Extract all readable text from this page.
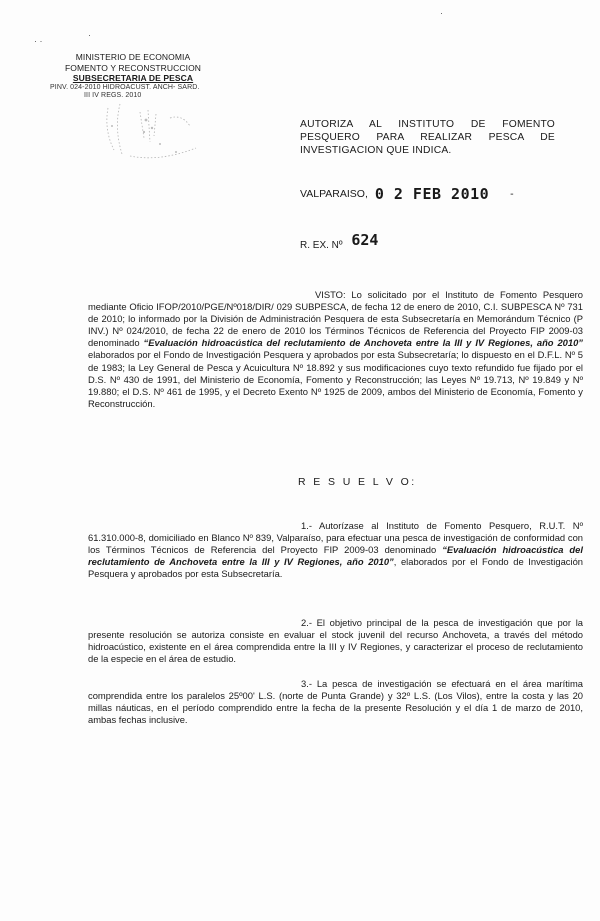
· ·
·
·
MINISTERIO DE ECONOMIA
FOMENTO Y RECONSTRUCCION
SUBSECRETARIA DE PESCA
PINV. 024-2010 HIDROACUST. ANCH- SARD.
III IV REGS. 2010
AUTORIZA AL INSTITUTO DE FOMENTO PESQUERO PARA REALIZAR PESCA DE INVESTIGACION QUE INDICA.
VALPARAISO, 0 2 FEB 2010 -
R. EX. Nº 624
VISTO: Lo solicitado por el Instituto de Fomento Pesquero mediante Oficio IFOP/2010/PGE/Nº018/DIR/ 029 SUBPESCA, de fecha 12 de enero de 2010, C.I. SUBPESCA Nº 731 de 2010; lo informado por la División de Administración Pesquera de esta Subsecretaría en Memorándum Técnico (P INV.) Nº 024/2010, de fecha 22 de enero de 2010 los Términos Técnicos de Referencia del Proyecto FIP 2009-03 denominado “Evaluación hidroacústica del reclutamiento de Anchoveta entre la III y IV Regiones, año 2010” elaborados por el Fondo de Investigación Pesquera y aprobados por esta Subsecretaría; lo dispuesto en el D.F.L. Nº 5 de 1983; la Ley General de Pesca y Acuicultura Nº 18.892 y sus modificaciones cuyo texto refundido fue fijado por el D.S. Nº 430 de 1991, del Ministerio de Economía, Fomento y Reconstrucción; las Leyes Nº 19.713, Nº 19.849 y Nº 19.880; el D.S. Nº 461 de 1995, y el Decreto Exento Nº 1925 de 2009, ambos del Ministerio de Economía, Fomento y Reconstrucción.
R E S U E L V O:
1.- Autorízase al Instituto de Fomento Pesquero, R.U.T. Nº 61.310.000-8, domiciliado en Blanco Nº 839, Valparaíso, para efectuar una pesca de investigación de conformidad con los Términos Técnicos de Referencia del Proyecto FIP 2009-03 denominado “Evaluación hidroacústica del reclutamiento de Anchoveta entre la III y IV Regiones, año 2010”, elaborados por el Fondo de Investigación Pesquera y aprobados por esta Subsecretaría.
2.- El objetivo principal de la pesca de investigación que por la presente resolución se autoriza consiste en evaluar el stock juvenil del recurso Anchoveta, a través del método hidroacústico, existente en el área comprendida entre la III y IV Regiones, y caracterizar el proceso de reclutamiento de la especie en el área de estudio.
3.- La pesca de investigación se efectuará en el área marítima comprendida entre los paralelos 25º00' L.S. (norte de Punta Grande) y 32º L.S. (Los Vilos), entre la costa y las 20 millas náuticas, en el período comprendido entre la fecha de la presente Resolución y el día 1 de marzo de 2010, ambas fechas inclusive.
